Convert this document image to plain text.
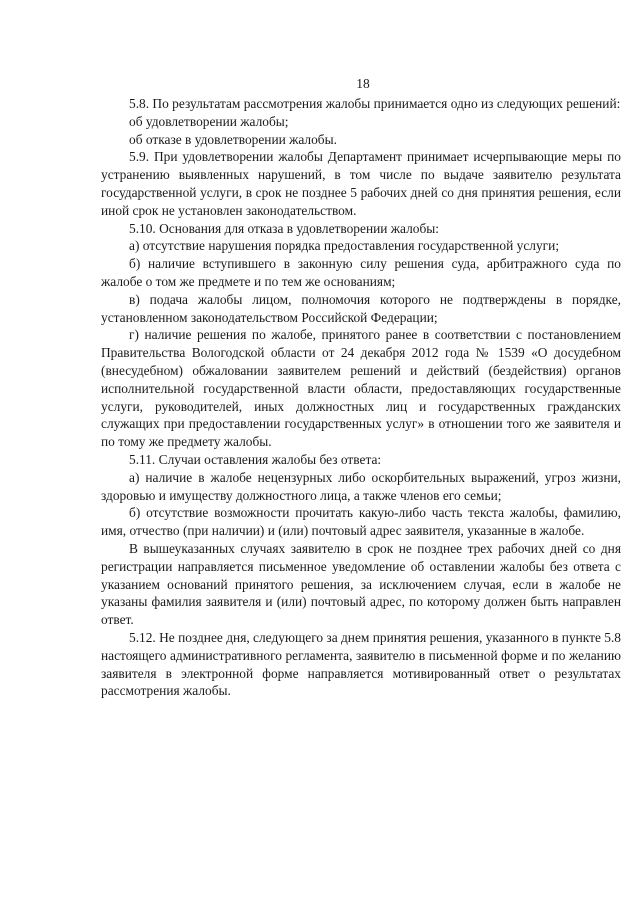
18

5.8. По результатам рассмотрения жалобы принимается одно из следующих решений:

об удовлетворении жалобы;

об отказе в удовлетворении жалобы.

5.9. При удовлетворении жалобы Департамент принимает исчерпывающие меры по устранению выявленных нарушений, в том числе по выдаче заявителю результата государственной услуги, в срок не позднее 5 рабочих дней со дня принятия решения, если иной срок не установлен законодательством.

5.10. Основания для отказа в удовлетворении жалобы:

а) отсутствие нарушения порядка предоставления государственной услуги;

б) наличие вступившего в законную силу решения суда, арбитражного суда по жалобе о том же предмете и по тем же основаниям;

в) подача жалобы лицом, полномочия которого не подтверждены в порядке, установленном законодательством Российской Федерации;

г) наличие решения по жалобе, принятого ранее в соответствии с постановлением Правительства Вологодской области от 24 декабря 2012 года № 1539 «О досудебном (внесудебном) обжаловании заявителем решений и действий (бездействия) органов исполнительной государственной власти области, предоставляющих государственные услуги, руководителей, иных должностных лиц и государственных гражданских служащих при предоставлении государственных услуг» в отношении того же заявителя и по тому же предмету жалобы.

5.11. Случаи оставления жалобы без ответа:

а) наличие в жалобе нецензурных либо оскорбительных выражений, угроз жизни, здоровью и имуществу должностного лица, а также членов его семьи;

б) отсутствие возможности прочитать какую-либо часть текста жалобы, фамилию, имя, отчество (при наличии) и (или) почтовый адрес заявителя, указанные в жалобе.

В вышеуказанных случаях заявителю в срок не позднее трех рабочих дней со дня регистрации направляется письменное уведомление об оставлении жалобы без ответа с указанием оснований принятого решения, за исключением случая, если в жалобе не указаны фамилия заявителя и (или) почтовый адрес, по которому должен быть направлен ответ.

5.12. Не позднее дня, следующего за днем принятия решения, указанного в пункте 5.8 настоящего административного регламента, заявителю в письменной форме и по желанию заявителя в электронной форме направляется мотивированный ответ о результатах рассмотрения жалобы.
